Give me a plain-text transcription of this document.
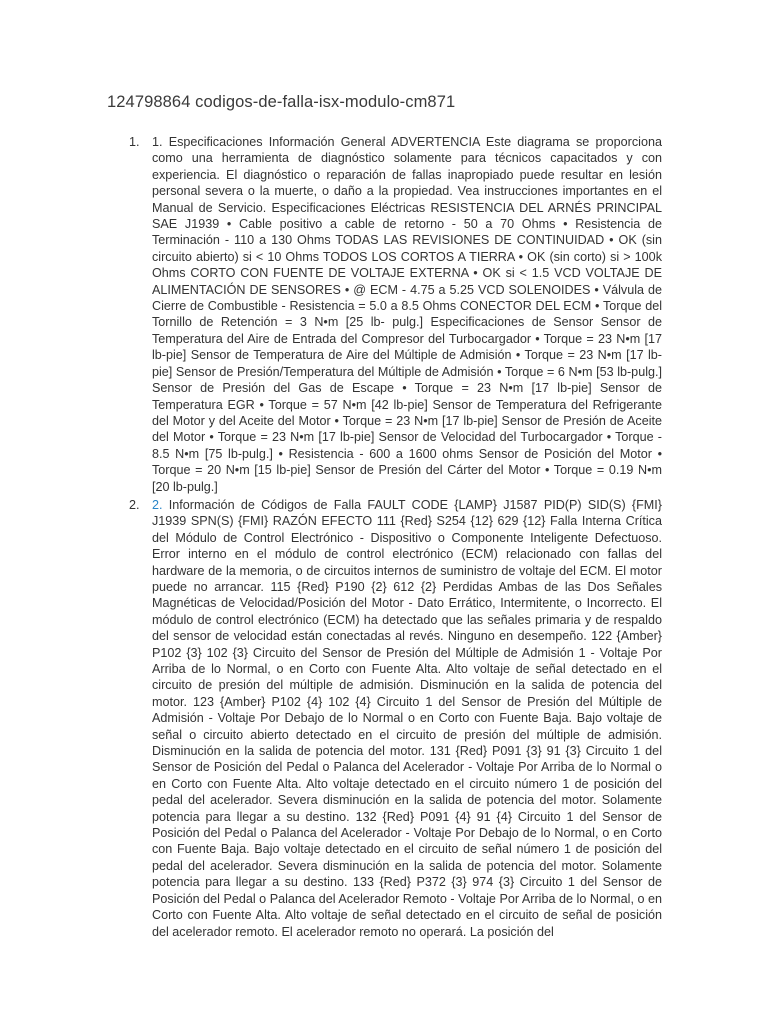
124798864 codigos-de-falla-isx-modulo-cm871
1. 1. Especificaciones Información General ADVERTENCIA Este diagrama se proporciona como una herramienta de diagnóstico solamente para técnicos capacitados y con experiencia. El diagnóstico o reparación de fallas inapropiado puede resultar en lesión personal severa o la muerte, o daño a la propiedad. Vea instrucciones importantes en el Manual de Servicio. Especificaciones Eléctricas RESISTENCIA DEL ARNÉS PRINCIPAL SAE J1939 • Cable positivo a cable de retorno - 50 a 70 Ohms • Resistencia de Terminación - 110 a 130 Ohms TODAS LAS REVISIONES DE CONTINUIDAD • OK (sin circuito abierto) si < 10 Ohms TODOS LOS CORTOS A TIERRA • OK (sin corto) si > 100k Ohms CORTO CON FUENTE DE VOLTAJE EXTERNA • OK si < 1.5 VCD VOLTAJE DE ALIMENTACIÓN DE SENSORES • @ ECM - 4.75 a 5.25 VCD SOLENOIDES • Válvula de Cierre de Combustible - Resistencia = 5.0 a 8.5 Ohms CONECTOR DEL ECM • Torque del Tornillo de Retención = 3 N•m [25 lb- pulg.] Especificaciones de Sensor Sensor de Temperatura del Aire de Entrada del Compresor del Turbocargador • Torque = 23 N•m [17 lb-pie] Sensor de Temperatura de Aire del Múltiple de Admisión • Torque = 23 N•m [17 lb-pie] Sensor de Presión/Temperatura del Múltiple de Admisión • Torque = 6 N•m [53 lb-pulg.] Sensor de Presión del Gas de Escape • Torque = 23 N•m [17 lb-pie] Sensor de Temperatura EGR • Torque = 57 N•m [42 lb-pie] Sensor de Temperatura del Refrigerante del Motor y del Aceite del Motor • Torque = 23 N•m [17 lb-pie] Sensor de Presión de Aceite del Motor • Torque = 23 N•m [17 lb-pie] Sensor de Velocidad del Turbocargador • Torque - 8.5 N•m [75 lb-pulg.] • Resistencia - 600 a 1600 ohms Sensor de Posición del Motor • Torque = 20 N•m [15 lb-pie] Sensor de Presión del Cárter del Motor • Torque = 0.19 N•m [20 lb-pulg.]

2. 2. Información de Códigos de Falla FAULT CODE {LAMP} J1587 PID(P) SID(S) {FMI} J1939 SPN(S) {FMI} RAZÓN EFECTO 111 {Red} S254 {12} 629 {12} Falla Interna Crítica del Módulo de Control Electrónico - Dispositivo o Componente Inteligente Defectuoso. Error interno en el módulo de control electrónico (ECM) relacionado con fallas del hardware de la memoria, o de circuitos internos de suministro de voltaje del ECM. El motor puede no arrancar. 115 {Red} P190 {2} 612 {2} Perdidas Ambas de las Dos Señales Magnéticas de Velocidad/Posición del Motor - Dato Errático, Intermitente, o Incorrecto. El módulo de control electrónico (ECM) ha detectado que las señales primaria y de respaldo del sensor de velocidad están conectadas al revés. Ninguno en desempeño. 122 {Amber} P102 {3} 102 {3} Circuito del Sensor de Presión del Múltiple de Admisión 1 - Voltaje Por Arriba de lo Normal, o en Corto con Fuente Alta. Alto voltaje de señal detectado en el circuito de presión del múltiple de admisión. Disminución en la salida de potencia del motor. 123 {Amber} P102 {4} 102 {4} Circuito 1 del Sensor de Presión del Múltiple de Admisión - Voltaje Por Debajo de lo Normal o en Corto con Fuente Baja. Bajo voltaje de señal o circuito abierto detectado en el circuito de presión del múltiple de admisión. Disminución en la salida de potencia del motor. 131 {Red} P091 {3} 91 {3} Circuito 1 del Sensor de Posición del Pedal o Palanca del Acelerador - Voltaje Por Arriba de lo Normal o en Corto con Fuente Alta. Alto voltaje detectado en el circuito número 1 de posición del pedal del acelerador. Severa disminución en la salida de potencia del motor. Solamente potencia para llegar a su destino. 132 {Red} P091 {4} 91 {4} Circuito 1 del Sensor de Posición del Pedal o Palanca del Acelerador - Voltaje Por Debajo de lo Normal, o en Corto con Fuente Baja. Bajo voltaje detectado en el circuito de señal número 1 de posición del pedal del acelerador. Severa disminución en la salida de potencia del motor. Solamente potencia para llegar a su destino. 133 {Red} P372 {3} 974 {3} Circuito 1 del Sensor de Posición del Pedal o Palanca del Acelerador Remoto - Voltaje Por Arriba de lo Normal, o en Corto con Fuente Alta. Alto voltaje de señal detectado en el circuito de señal de posición del acelerador remoto. El acelerador remoto no operará. La posición del
